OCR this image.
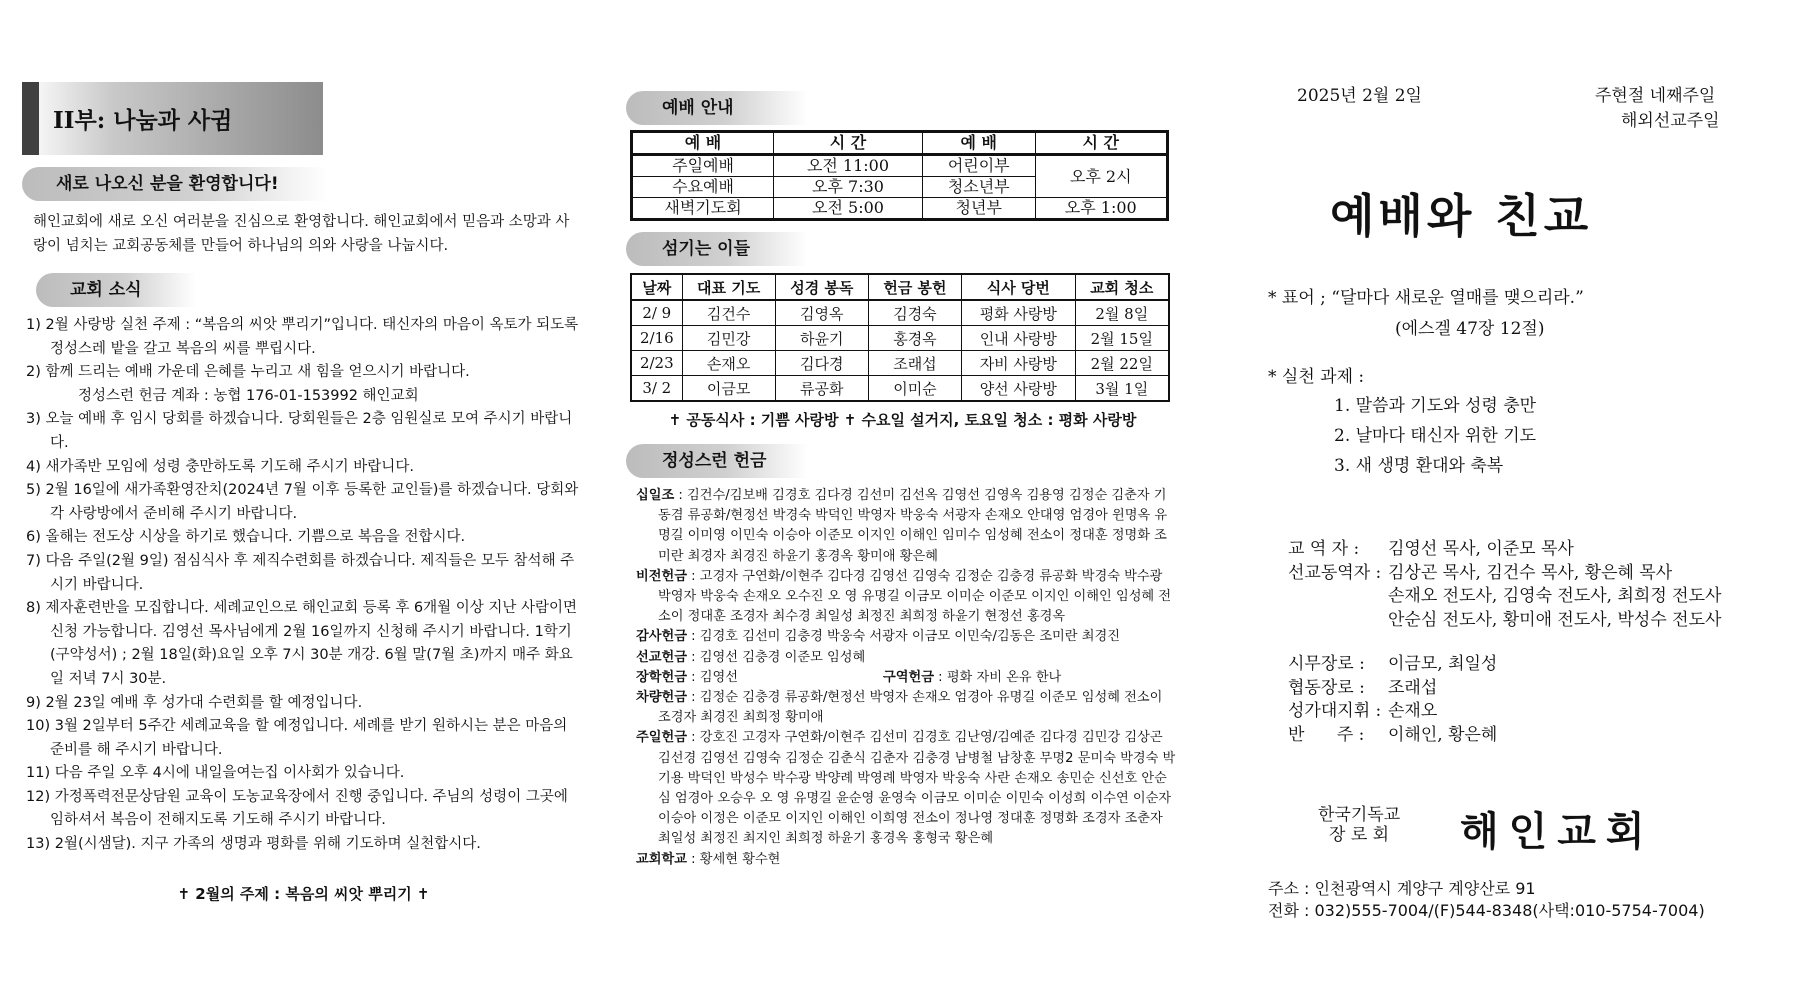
II부: 나눔과 사귐
새로 나오신 분을 환영합니다!
해인교회에 새로 오신 여러분을 진심으로 환영합니다. 해인교회에서 믿음과 소망과 사랑이 넘치는 교회공동체를 만들어 하나님의 의와 사랑을 나눕시다.
교회 소식
1) 2월 사랑방 실천 주제 : “복음의 씨앗 뿌리기”입니다. 태신자의 마음이 옥토가 되도록 정성스레 밭을 갈고 복음의 씨를 뿌립시다.
2) 함께 드리는 예배 가운데 은혜를 누리고 새 힘을 얻으시기 바랍니다.
정성스런 헌금 계좌 : 농협 176-01-153992 해인교회
3) 오늘 예배 후 임시 당회를 하겠습니다. 당회원들은 2층 임원실로 모여 주시기 바랍니다.
4) 새가족반 모임에 성령 충만하도록 기도해 주시기 바랍니다.
5) 2월 16일에 새가족환영잔치(2024년 7월 이후 등록한 교인들)를 하겠습니다. 당회와 각 사랑방에서 준비해 주시기 바랍니다.
6) 올해는 전도상 시상을 하기로 했습니다. 기쁨으로 복음을 전합시다.
7) 다음 주일(2월 9일) 점심식사 후 제직수련회를 하겠습니다. 제직들은 모두 참석해 주시기 바랍니다.
8) 제자훈련반을 모집합니다. 세례교인으로 해인교회 등록 후 6개월 이상 지난 사람이면 신청 가능합니다. 김영선 목사님에게 2월 16일까지 신청해 주시기 바랍니다. 1학기(구약성서) ; 2월 18일(화)요일 오후 7시 30분 개강. 6월 말(7월 초)까지 매주 화요일 저녁 7시 30분.
9) 2월 23일 예배 후 성가대 수련회를 할 예정입니다.
10) 3월 2일부터 5주간 세례교육을 할 예정입니다. 세례를 받기 원하시는 분은 마음의 준비를 해 주시기 바랍니다.
11) 다음 주일 오후 4시에 내일을여는집 이사회가 있습니다.
12) 가정폭력전문상담원 교육이 도농교육장에서 진행 중입니다. 주님의 성령이 그곳에 임하셔서 복음이 전해지도록 기도해 주시기 바랍니다.
13) 2월(시샘달). 지구 가족의 생명과 평화를 위해 기도하며 실천합시다.
✝ 2월의 주제 : 복음의 씨앗 뿌리기 ✝
예배 안내
예 배	시 간	예 배	시 간
주일예배	오전 11:00	어린이부	오후 2시
수요예배	오후 7:30	청소년부	
새벽기도회	오전 5:00	청년부	오후 1:00
섬기는 이들
날짜	대표 기도	성경 봉독	헌금 봉헌	식사 당번	교회 청소
2/ 9	김건수	김영옥	김경숙	평화 사랑방	2월 8일
2/16	김민강	하윤기	홍경옥	인내 사랑방	2월 15일
2/23	손재오	김다경	조래섭	자비 사랑방	2월 22일
3/ 2	이금모	류공화	이미순	양선 사랑방	3월 1일
✝ 공동식사 : 기쁨 사랑방 ✝ 수요일 설거지, 토요일 청소 : 평화 사랑방
정성스런 헌금
십일조 : 김건수/김보배 김경호 김다경 김선미 김선옥 김영선 김영옥 김용영 김정순 김춘자 기동겸 류공화/현정선 박경숙 박덕인 박영자 박웅숙 서광자 손재오 안대영 엄경아 윈명옥 유명길 이미영 이민숙 이승아 이준모 이지인 이해인 임미수 임성혜 전소이 정대훈 정명화 조미란 최경자 최경진 하윤기 홍경옥 황미애 황은혜
비전헌금 : 고경자 구연화/이현주 김다경 김영선 김영숙 김정순 김충경 류공화 박경숙 박수광 박영자 박웅숙 손재오 오수진 오 영 유명길 이금모 이미순 이준모 이지인 이해인 임성혜 전소이 정대훈 조경자 최수경 최일성 최정진 최희정 하윤기 현정선 홍경옥
감사헌금 : 김경호 김선미 김충경 박웅숙 서광자 이금모 이민숙/김동은 조미란 최경진
선교헌금 : 김영선 김충경 이준모 임성혜
장학헌금 : 김영선	구역헌금 : 평화 자비 온유 한나
차량헌금 : 김정순 김충경 류공화/현정선 박영자 손재오 엄경아 유명길 이준모 임성혜 전소이 조경자 최경진 최희정 황미애
주일헌금 : 강호진 고경자 구연화/이현주 김선미 김경호 김난영/김예준 김다경 김민강 김상곤 김선경 김영선 김영숙 김정순 김춘식 김춘자 김충경 남병철 남창훈 무명2 문미숙 박경숙 박기용 박덕인 박성수 박수광 박양례 박영례 박영자 박웅숙 사란 손재오 송민순 신선호 안순심 엄경아 오승우 오 영 유명길 윤순영 윤영숙 이금모 이미순 이민숙 이성희 이수연 이순자 이승아 이정은 이준모 이지인 이해인 이희영 전소이 정나영 정대훈 정명화 조경자 조춘자 최일성 최정진 최지인 최희정 하윤기 홍경옥 홍형국 황은혜
교회학교 : 황세현 황수현
2025년 2월 2일	주현절 네째주일
해외선교주일
예배와 친교
* 표어 ; “달마다 새로운 열매를 맺으리라.”
(에스겔 47장 12절)
* 실천 과제 :
1. 말씀과 기도와 성령 충만
2. 날마다 태신자 위한 기도
3. 새 생명 환대와 축복
교 역 자 :	김영선 목사, 이준모 목사
선교동역자 : 김상곤 목사, 김건수 목사, 황은혜 목사
손재오 전도사, 김영숙 전도사, 최희정 전도사
안순심 전도사, 황미애 전도사, 박성수 전도사
시무장로 : 이금모, 최일성
협동장로 : 조래섭
성가대지휘 : 손재오
반      주 : 이해인, 황은혜
한국기독교
장 로 회 해인교회
주소 : 인천광역시 계양구 계양산로 91
전화 : 032)555-7004/(F)544-8348(사택:010-5754-7004)
